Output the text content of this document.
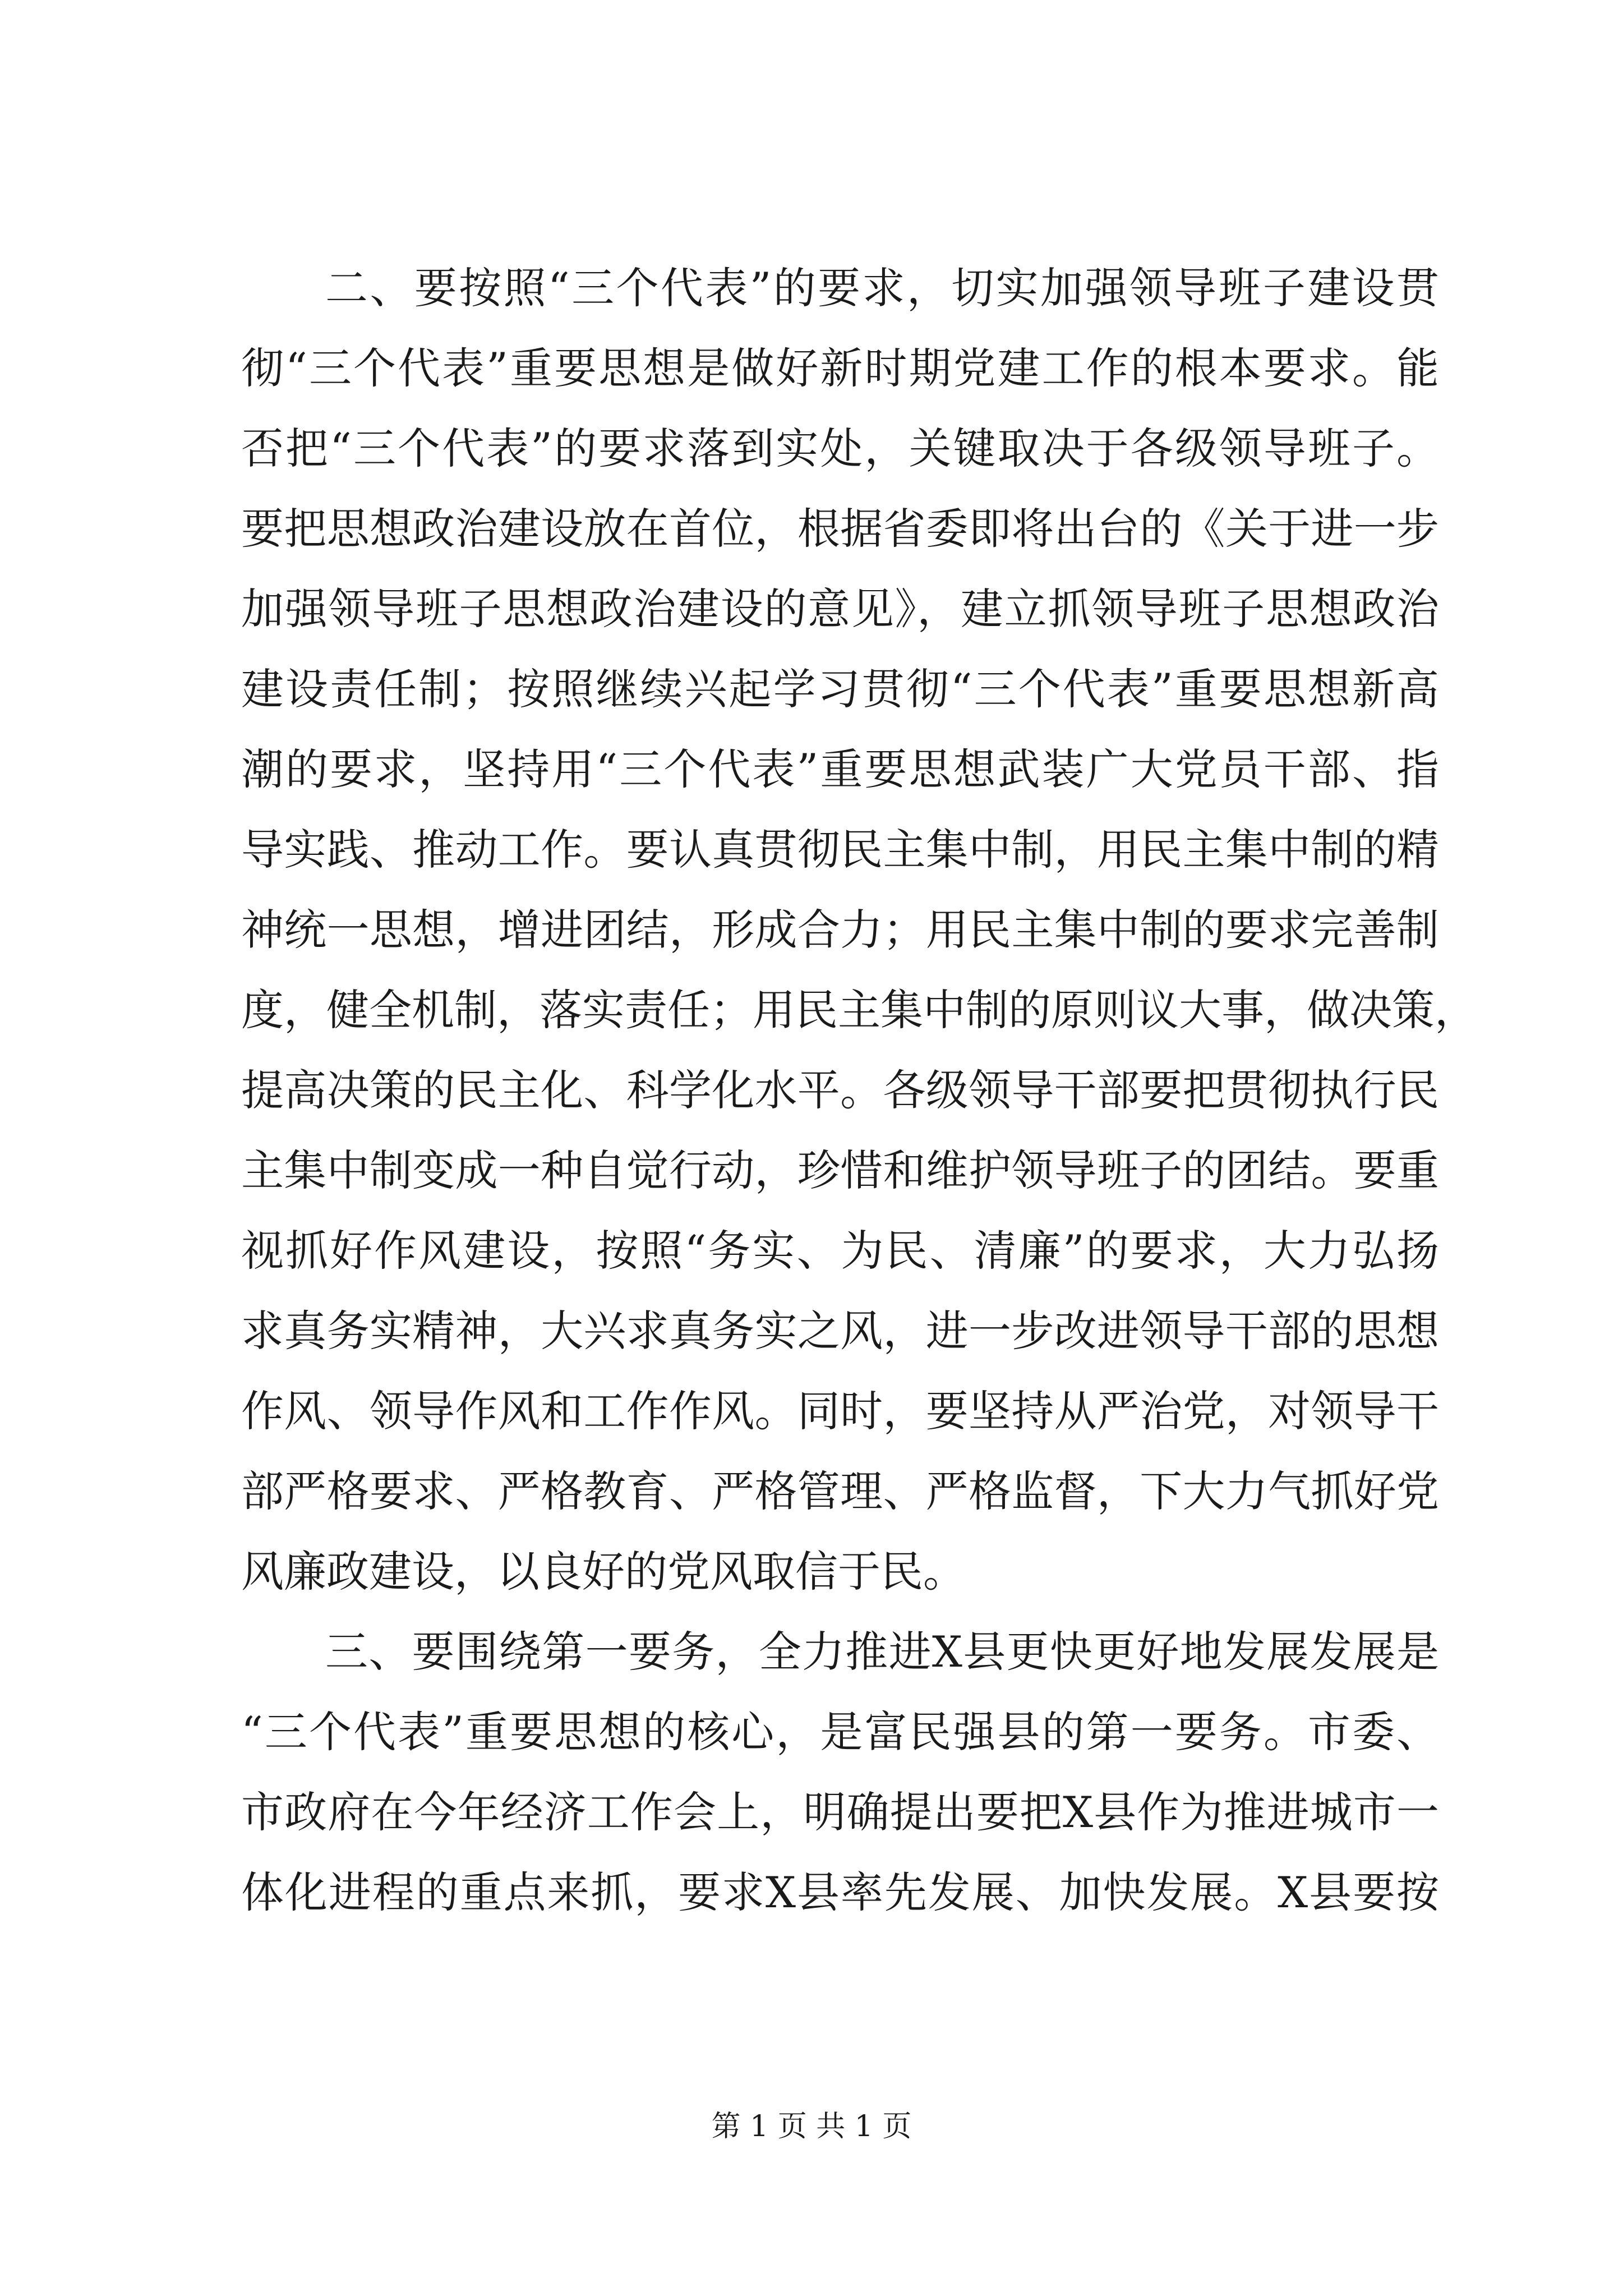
二、要按照“三个代表”的要求，切实加强领导班子建设贯
彻“三个代表”重要思想是做好新时期党建工作的根本要求。能
否把“三个代表”的要求落到实处，关键取决于各级领导班子。
要把思想政治建设放在首位，根据省委即将出台的《关于进一步
加强领导班子思想政治建设的意见》，建立抓领导班子思想政治
建设责任制；按照继续兴起学习贯彻“三个代表”重要思想新高
潮的要求，坚持用“三个代表”重要思想武装广大党员干部、指
导实践、推动工作。要认真贯彻民主集中制，用民主集中制的精
神统一思想，增进团结，形成合力；用民主集中制的要求完善制
度，健全机制，落实责任；用民主集中制的原则议大事，做决策，
提高决策的民主化、科学化水平。各级领导干部要把贯彻执行民
主集中制变成一种自觉行动，珍惜和维护领导班子的团结。要重
视抓好作风建设，按照“务实、为民、清廉”的要求，大力弘扬
求真务实精神，大兴求真务实之风，进一步改进领导干部的思想
作风、领导作风和工作作风。同时，要坚持从严治党，对领导干
部严格要求、严格教育、严格管理、严格监督，下大力气抓好党
风廉政建设，以良好的党风取信于民。
三、要围绕第一要务，全力推进X县更快更好地发展发展是
“三个代表”重要思想的核心，是富民强县的第一要务。市委、
市政府在今年经济工作会上，明确提出要把X县作为推进城市一
体化进程的重点来抓，要求X县率先发展、加快发展。X县要按
第 1 页 共 1 页
